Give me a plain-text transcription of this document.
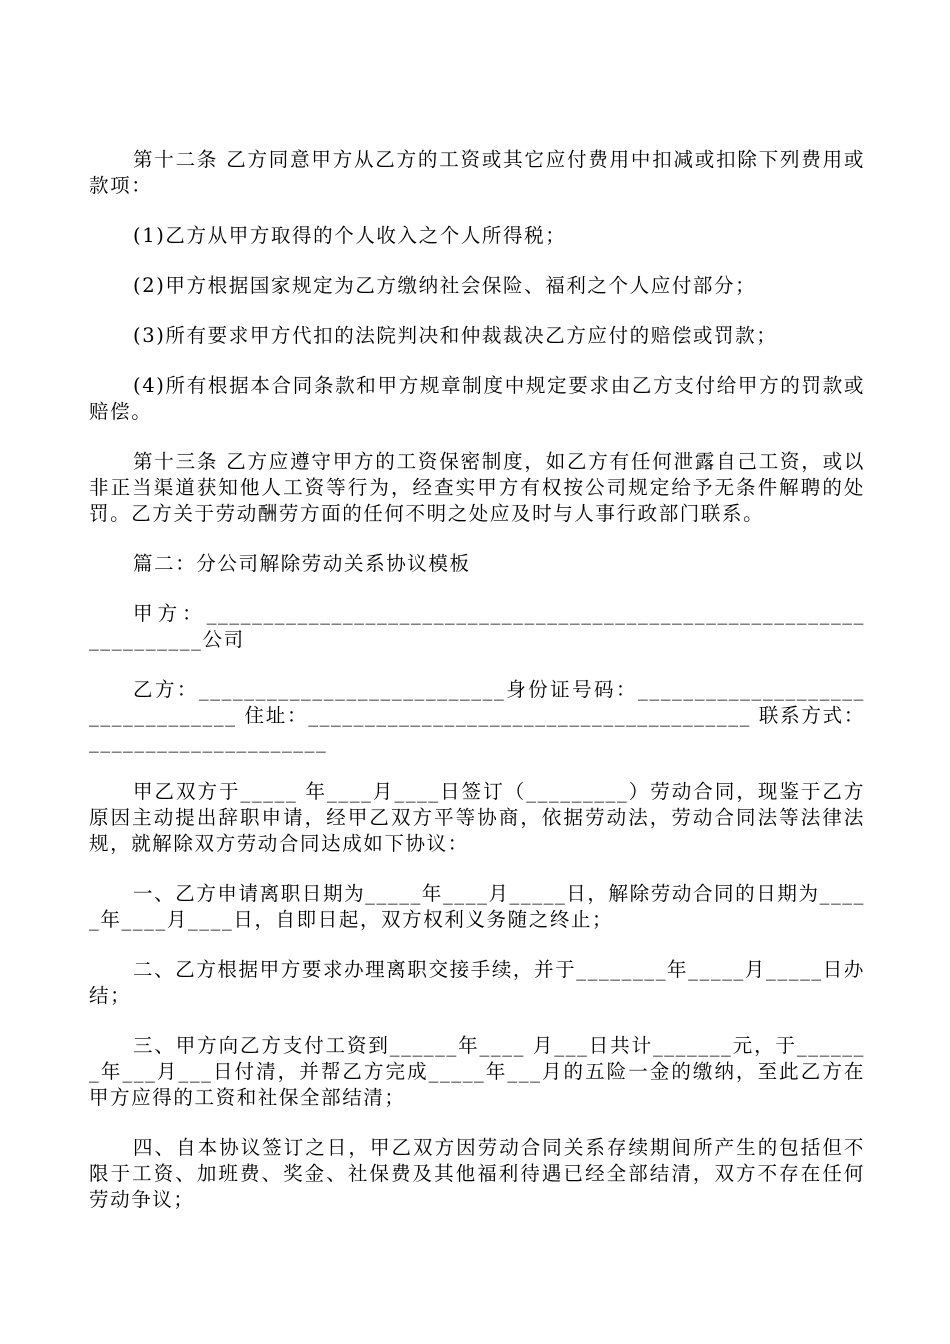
第十二条 乙方同意甲方从乙方的工资或其它应付费用中扣减或扣除下列费用或款项：

(1)乙方从甲方取得的个人收入之个人所得税；

(2)甲方根据国家规定为乙方缴纳社会保险、福利之个人应付部分；

(3)所有要求甲方代扣的法院判决和仲裁裁决乙方应付的赔偿或罚款；

(4)所有根据本合同条款和甲方规章制度中规定要求由乙方支付给甲方的罚款或赔偿。

第十三条 乙方应遵守甲方的工资保密制度，如乙方有任何泄露自己工资，或以非正当渠道获知他人工资等行为，经查实甲方有权按公司规定给予无条件解聘的处罚。乙方关于劳动酬劳方面的任何不明之处应及时与人事行政部门联系。

篇二：分公司解除劳动关系协议模板

甲方：____________________________________________________________________公司

乙方：___________________________身份证号码：_________________________________ 住址：_______________________________________ 联系方式：_____________________

甲乙双方于_____ 年____月____日签订（_________）劳动合同，现鉴于乙方原因主动提出辞职申请，经甲乙双方平等协商，依据劳动法，劳动合同法等法律法规，就解除双方劳动合同达成如下协议：

一、乙方申请离职日期为_____年____月_____日，解除劳动合同的日期为_____年____月____日，自即日起，双方权利义务随之终止；

二、乙方根据甲方要求办理离职交接手续，并于________年_____月_____日办结；

三、甲方向乙方支付工资到______年____ 月___日共计_______元，于_______年___月___日付清，并帮乙方完成_____年___月的五险一金的缴纳，至此乙方在甲方应得的工资和社保全部结清；

四、自本协议签订之日，甲乙双方因劳动合同关系存续期间所产生的包括但不限于工资、加班费、奖金、社保费及其他福利待遇已经全部结清，双方不存在任何劳动争议；
